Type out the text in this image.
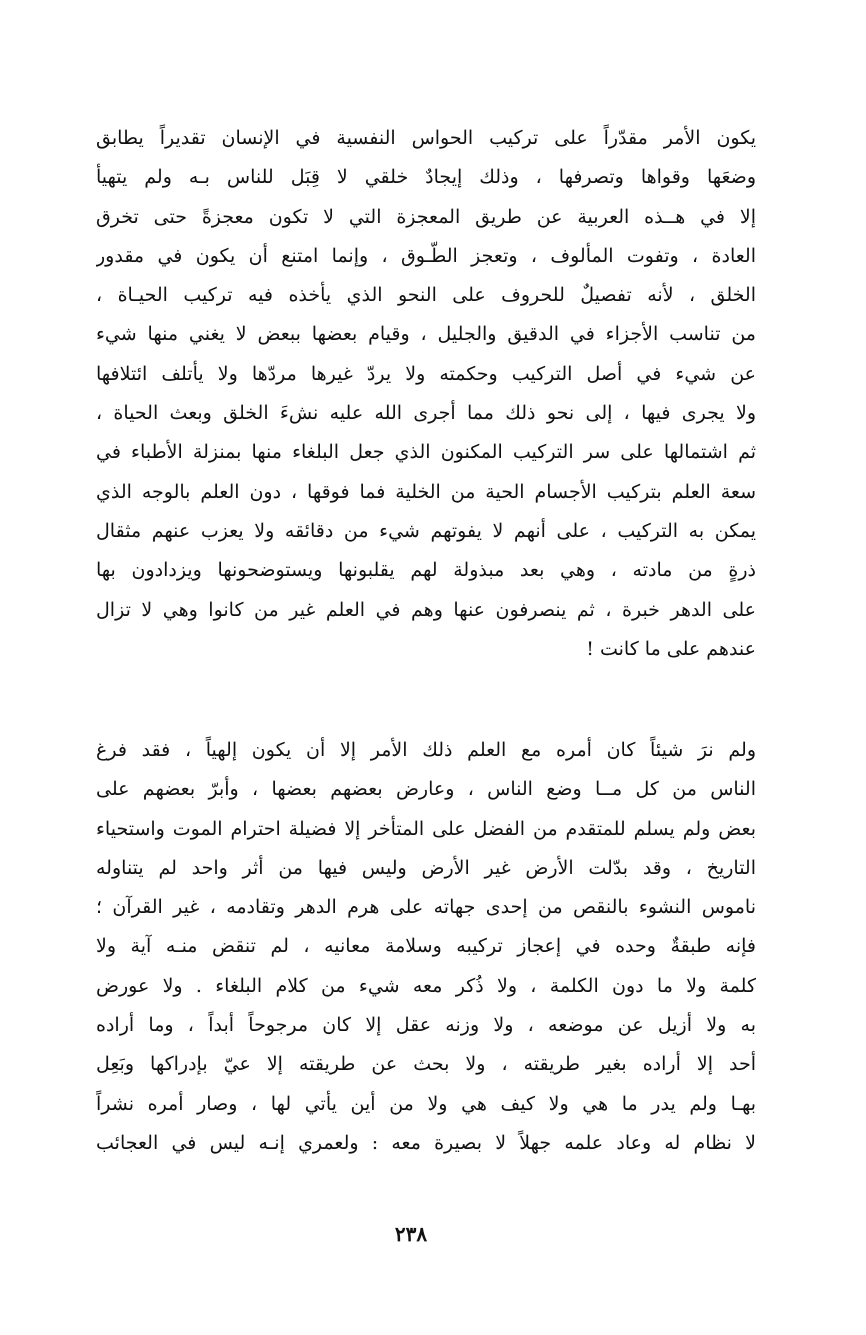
يكون الأمر مقدّراً على تركيب الحواس النفسية في الإنسان تقديراً يطابق
وضعَها وقواها وتصرفها ، وذلك إيجادٌ خلقي لا قِبَل للناس بـه ولم يتهيأ
إلا في هــذه العربية عن طريق المعجزة التي لا تكون معجزةً حتى تخرق
العادة ، وتفوت المألوف ، وتعجز الطّـوق ، وإنما امتنع أن يكون في مقدور
الخلق ، لأنه تفصيلٌ للحروف على النحو الذي يأخذه فيه تركيب الحيـاة ،
من تناسب الأجزاء في الدقيق والجليل ، وقيام بعضها ببعض لا يغني منها شيء
عن شيء في أصل التركيب وحكمته ولا يردّ غيرها مردّها ولا يأتلف ائتلافها
ولا يجرى فيها ، إلى نحو ذلك مما أجرى الله عليه نشءَ الخلق وبعث الحياة ،
ثم اشتمالها على سر التركيب المكنون الذي جعل البلغاء منها بمنزلة الأطباء في
سعة العلم بتركيب الأجسام الحية من الخلية فما فوقها ، دون العلم بالوجه الذي
يمكن به التركيب ، على أنهم لا يفوتهم شيء من دقائقه ولا يعزب عنهم مثقال
ذرةٍ من مادته ، وهي بعد مبذولة لهم يقلبونها ويستوضحونها ويزدادون بها
على الدهر خبرة ، ثم ينصرفون عنها وهم في العلم غير من كانوا وهي لا تزال
عندهم على ما كانت !
ولم نرَ شيئاً كان أمره مع العلم ذلك الأمر إلا أن يكون إلهياً ، فقد فرغ
الناس من كل مــا وضع الناس ، وعارض بعضهم بعضها ، وأبرّ بعضهم على
بعض ولم يسلم للمتقدم من الفضل على المتأخر إلا فضيلة احترام الموت واستحياء
التاريخ ، وقد بدّلت الأرض غير الأرض وليس فيها من أثر واحد لم يتناوله
ناموس النشوء بالنقص من إحدى جهاته على هرم الدهر وتقادمه ، غير القرآن ؛
فإنه طبقةٌ وحده في إعجاز تركيبه وسلامة معانيه ، لم تنقض منـه آية ولا
كلمة ولا ما دون الكلمة ، ولا ذُكر معه شيء من كلام البلغاء . ولا عورض
به ولا أزيل عن موضعه ، ولا وزنه عقل إلا كان مرجوحاً أبداً ، وما أراده
أحد إلا أراده بغير طريقته ، ولا بحث عن طريقته إلا عيّ بإدراكها وبَعِل
بهـا ولم يدر ما هي ولا كيف هي ولا من أين يأتي لها ، وصار أمره نشراً
لا نظام له وعاد علمه جهلاً لا بصيرة معه : ولعمري إنـه ليس في العجائب
٢٣٨
